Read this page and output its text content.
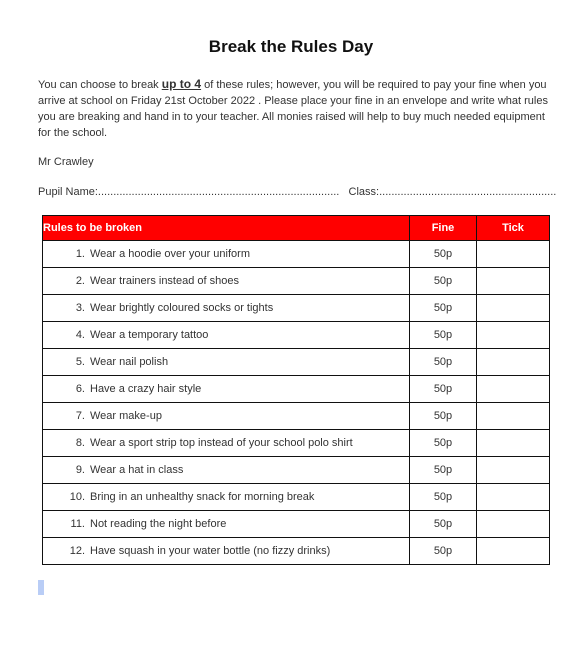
Break the Rules Day
You can choose to break up to 4 of these rules; however, you will be required to pay your fine when you arrive at school on Friday 21st October 2022 . Please place your fine in an envelope and write what rules you are breaking and hand in to your teacher. All monies raised will help to buy much needed equipment for the school.
Mr Crawley
Pupil Name:............................................................................... Class:..........................................................
Rules to be broken	Fine	Tick
1. Wear a hoodie over your uniform	50p	
2. Wear trainers instead of shoes	50p	
3. Wear brightly coloured socks or tights	50p	
4. Wear a temporary tattoo	50p	
5. Wear nail polish	50p	
6. Have a crazy hair style	50p	
7. Wear make-up	50p	
8. Wear a sport strip top instead of your school polo shirt	50p	
9. Wear a hat in class	50p	
10. Bring in an unhealthy snack for morning break	50p	
11. Not reading the night before	50p	
12. Have squash in your water bottle (no fizzy drinks)	50p	
